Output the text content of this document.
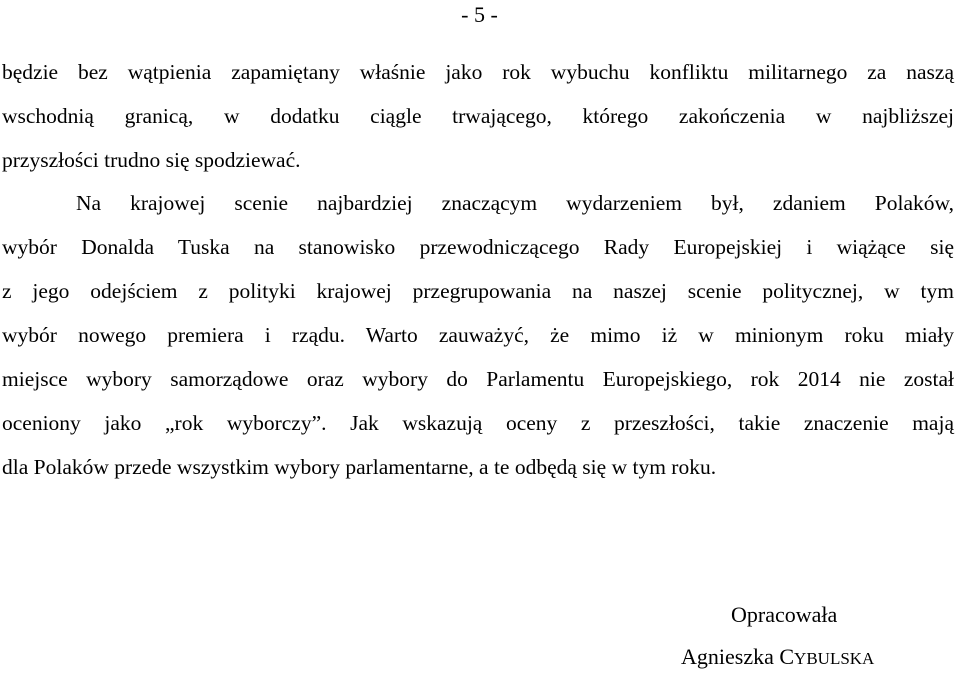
- 5 -
będzie bez wątpienia zapamiętany właśnie jako rok wybuchu konfliktu militarnego za naszą
wschodnią granicą, w dodatku ciągle trwającego, którego zakończenia w najbliższej
przyszłości trudno się spodziewać.
Na krajowej scenie najbardziej znaczącym wydarzeniem był, zdaniem Polaków,
wybór Donalda Tuska na stanowisko przewodniczącego Rady Europejskiej i wiążące się
z jego odejściem z polityki krajowej przegrupowania na naszej scenie politycznej, w tym
wybór nowego premiera i rządu. Warto zauważyć, że mimo iż w minionym roku miały
miejsce wybory samorządowe oraz wybory do Parlamentu Europejskiego, rok 2014 nie został
oceniony jako „rok wyborczy”. Jak wskazują oceny z przeszłości, takie znaczenie mają
dla Polaków przede wszystkim wybory parlamentarne, a te odbędą się w tym roku.
Opracowała
Agnieszka CYBULSKA
